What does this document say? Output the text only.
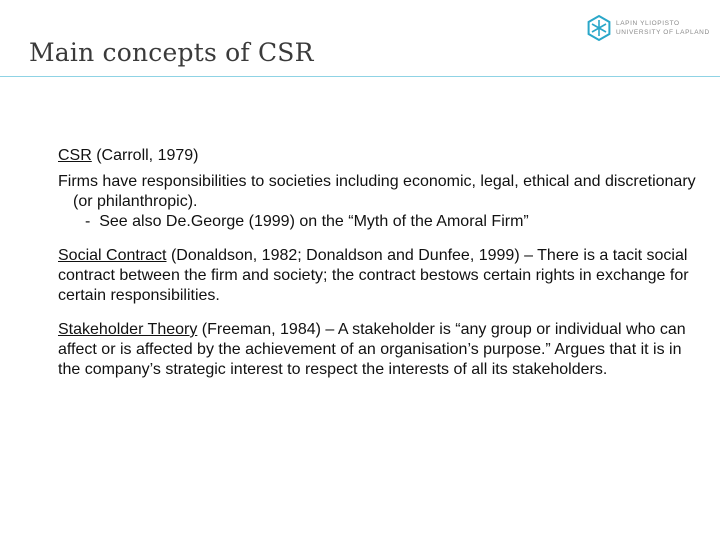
Main concepts of CSR
LAPIN YLIOPISTO
UNIVERSITY OF LAPLAND

CSR (Carroll, 1979)

Firms have responsibilities to societies including economic, legal, ethical and discretionary (or philanthropic).

- See also De.George (1999) on the “Myth of the Amoral Firm”

Social Contract (Donaldson, 1982; Donaldson and Dunfee, 1999) – There is a tacit social contract between the firm and society; the contract bestows certain rights in exchange for certain responsibilities.

Stakeholder Theory (Freeman, 1984) – A stakeholder is “any group or individual who can affect or is affected by the achievement of an organisation’s purpose.” Argues that it is in the company’s strategic interest to respect the interests of all its stakeholders.
